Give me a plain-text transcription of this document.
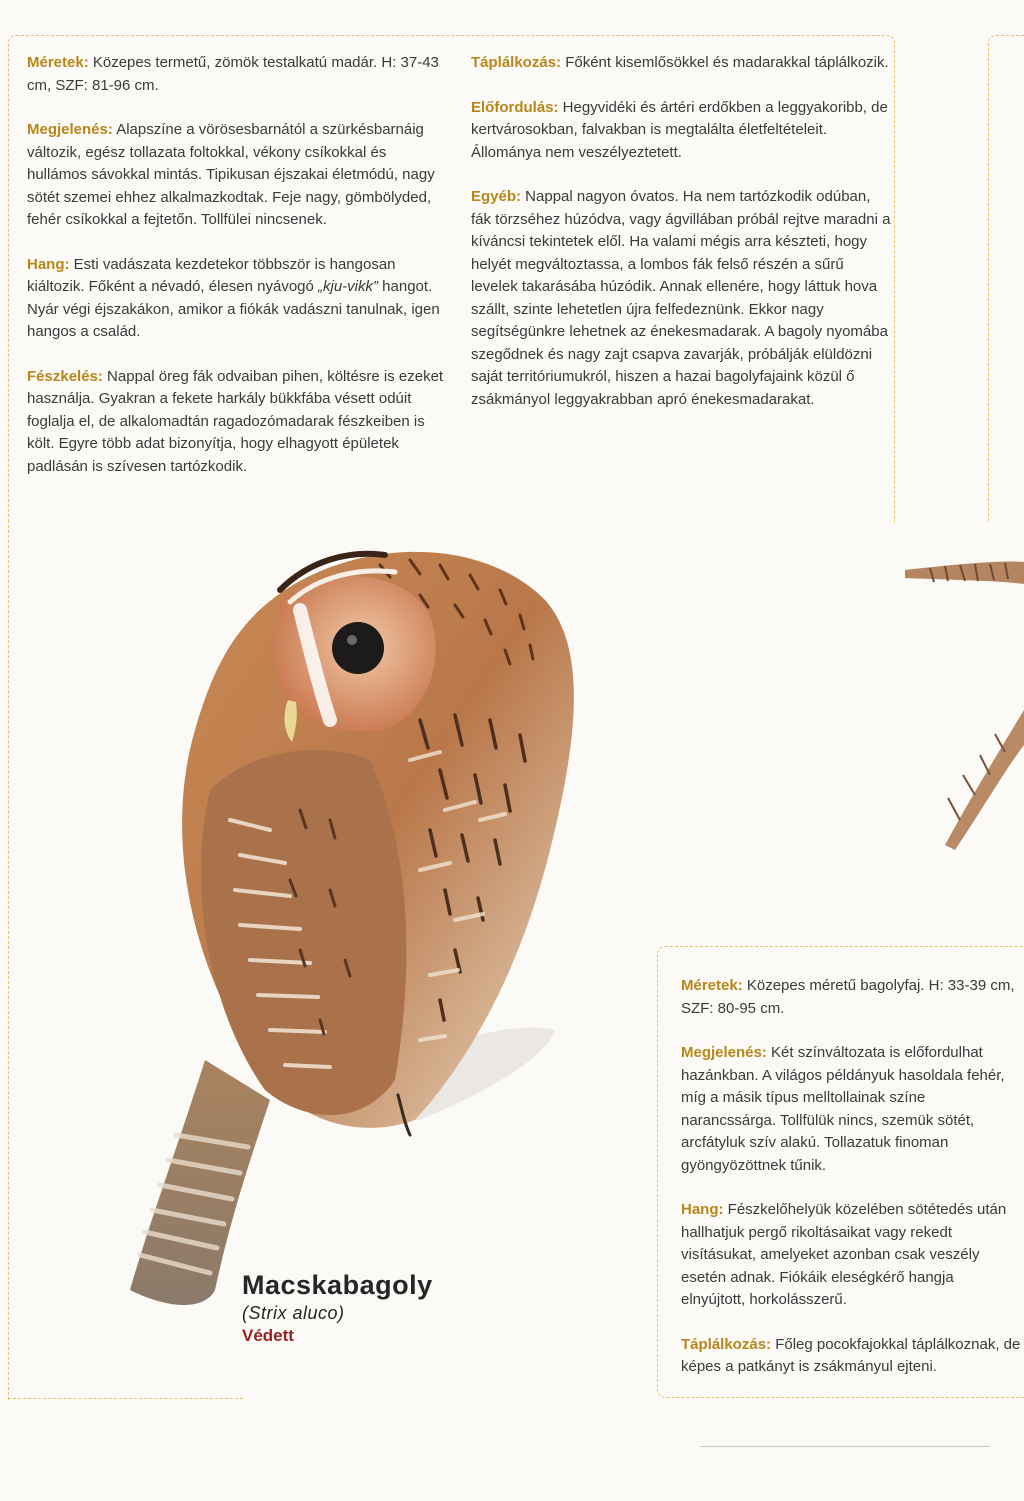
Méretek: Közepes termetű, zömök testalkatú madár. H: 37-43 cm, SZF: 81-96 cm.

Megjelenés: Alapszíne a vörösesbarnától a szürkésbarnáig változik, egész tollazata foltokkal, vékony csíkokkal és hullámos sávokkal mintás. Tipikusan éjszakai életmódú, nagy sötét szemei ehhez alkalmazkodtak. Feje nagy, gömbölyded, fehér csíkokkal a fejtetőn. Tollfülei nincsenek.

Hang: Esti vadászata kezdetekor többször is hangosan kiáltozik. Főként a névadó, élesen nyávogó „kju-vikk” hangot. Nyár végi éjszakákon, amikor a fiókák vadászni tanulnak, igen hangos a család.

Fészkelés: Nappal öreg fák odvaiban pihen, költésre is ezeket használja. Gyakran a fekete harkály bükkfába vésett odúit foglalja el, de alkalomadtán ragadozómadarak fészkeiben is költ. Egyre több adat bizonyítja, hogy elhagyott épületek padlásán is szívesen tartózkodik.

Táplálkozás: Főként kisemlősökkel és madarakkal táplálkozik.

Előfordulás: Hegyvidéki és ártéri erdőkben a leggyakoribb, de kertvárosokban, falvakban is megtalálta életfeltételeit. Állománya nem veszélyeztetett.

Egyéb: Nappal nagyon óvatos. Ha nem tartózkodik odúban, fák törzséhez húzódva, vagy ágvillában próbál rejtve maradni a kíváncsi tekintetek elől. Ha valami mégis arra készteti, hogy helyét megváltoztassa, a lombos fák felső részén a sűrű levelek takarásába húzódik. Annak ellenére, hogy láttuk hova szállt, szinte lehetetlen újra felfedeznünk. Ekkor nagy segítségünkre lehetnek az énekesmadarak. A bagoly nyomába szegődnek és nagy zajt csapva zavarják, próbálják elüldözni saját territóriumukról, hiszen a hazai bagolyfajaink közül ő zsákmányol leggyakrabban apró énekesmadarakat.

Macskabagoly
(Strix aluco)
Védett

Méretek: Közepes méretű bagolyfaj. H: 33-39 cm, SZF: 80-95 cm.

Megjelenés: Két színváltozata is előfordulhat hazánkban. A világos példányuk hasoldala fehér, míg a másik típus melltollainak színe narancssárga. Tollfülük nincs, szemük sötét, arcfátyluk szív alakú. Tollazatuk finoman gyöngyözöttnek tűnik.

Hang: Fészkelőhelyük közelében sötétedés után hallhatjuk pergő rikoltásaikat vagy rekedt visításukat, amelyeket azonban csak veszély esetén adnak. Fiókáik eleségkérő hangja elnyújtott, horkolásszerű.

Táplálkozás: Főleg pocokfajokkal táplálkoznak, de képes a patkányt is zsákmányul ejteni.
